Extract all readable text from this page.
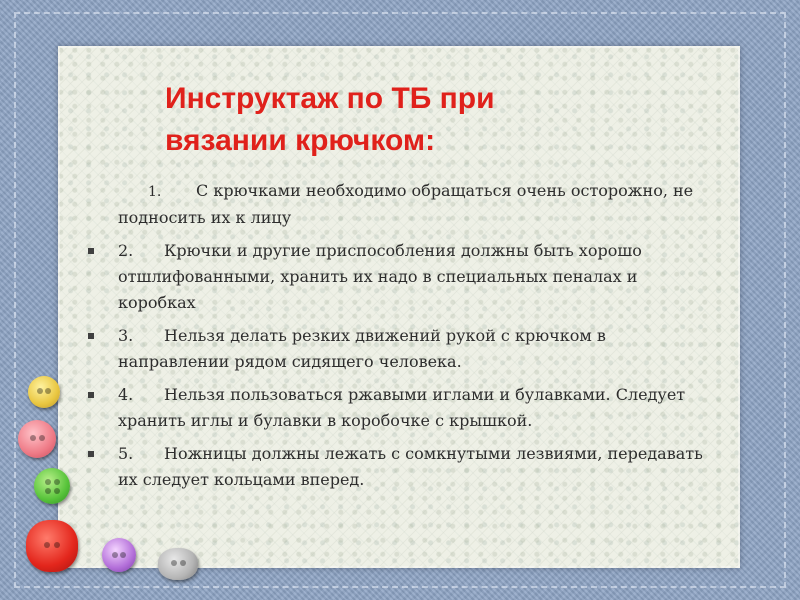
Инструктаж по ТБ при
вязании крючком:
1. С крючками необходимо обращаться очень осторожно, не подносить их к лицу
2. Крючки и другие приспособления должны быть хорошо отшлифованными, хранить их надо в специальных пеналах и коробках
3. Нельзя делать резких движений рукой с крючком в направлении рядом сидящего человека.
4. Нельзя пользоваться ржавыми иглами и булавками. Следует хранить иглы и булавки в коробочке с крышкой.
5. Ножницы должны лежать с сомкнутыми лезвиями, передавать их следует кольцами вперед.
